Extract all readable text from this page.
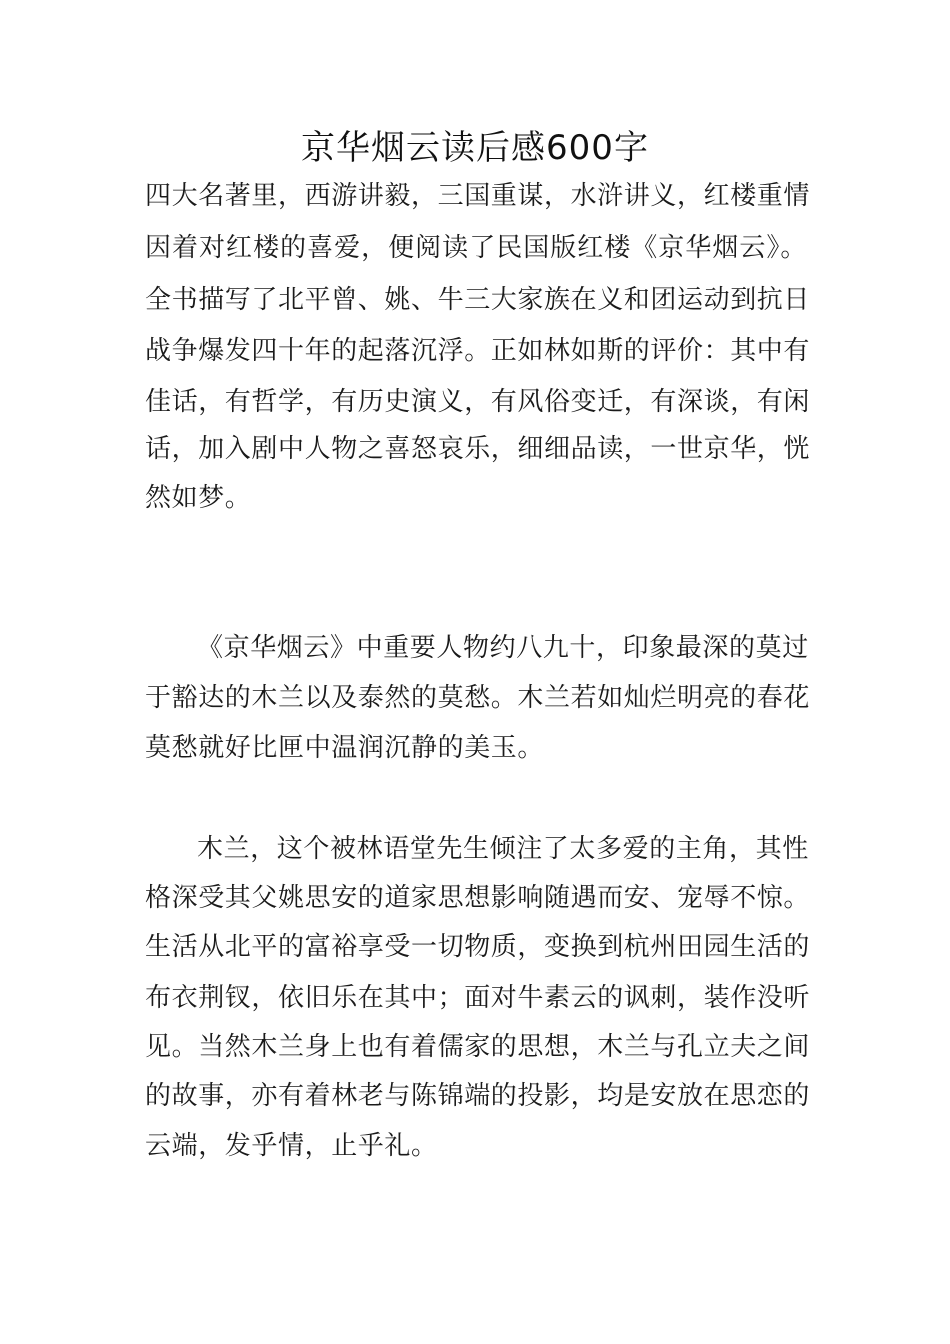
京华烟云读后感600字
四大名著里，西游讲毅，三国重谋，水浒讲义，红楼重情
因着对红楼的喜爱，便阅读了民国版红楼《京华烟云》。
全书描写了北平曾、姚、牛三大家族在义和团运动到抗日
战争爆发四十年的起落沉浮。正如林如斯的评价：其中有
佳话，有哲学，有历史演义，有风俗变迁，有深谈，有闲
话，加入剧中人物之喜怒哀乐，细细品读，一世京华，恍
然如梦。
《京华烟云》中重要人物约八九十，印象最深的莫过
于豁达的木兰以及泰然的莫愁。木兰若如灿烂明亮的春花
莫愁就好比匣中温润沉静的美玉。
木兰，这个被林语堂先生倾注了太多爱的主角，其性
格深受其父姚思安的道家思想影响随遇而安、宠辱不惊。
生活从北平的富裕享受一切物质，变换到杭州田园生活的
布衣荆钗，依旧乐在其中；面对牛素云的讽刺，装作没听
见。当然木兰身上也有着儒家的思想，木兰与孔立夫之间
的故事，亦有着林老与陈锦端的投影，均是安放在思恋的
云端，发乎情，止乎礼。
